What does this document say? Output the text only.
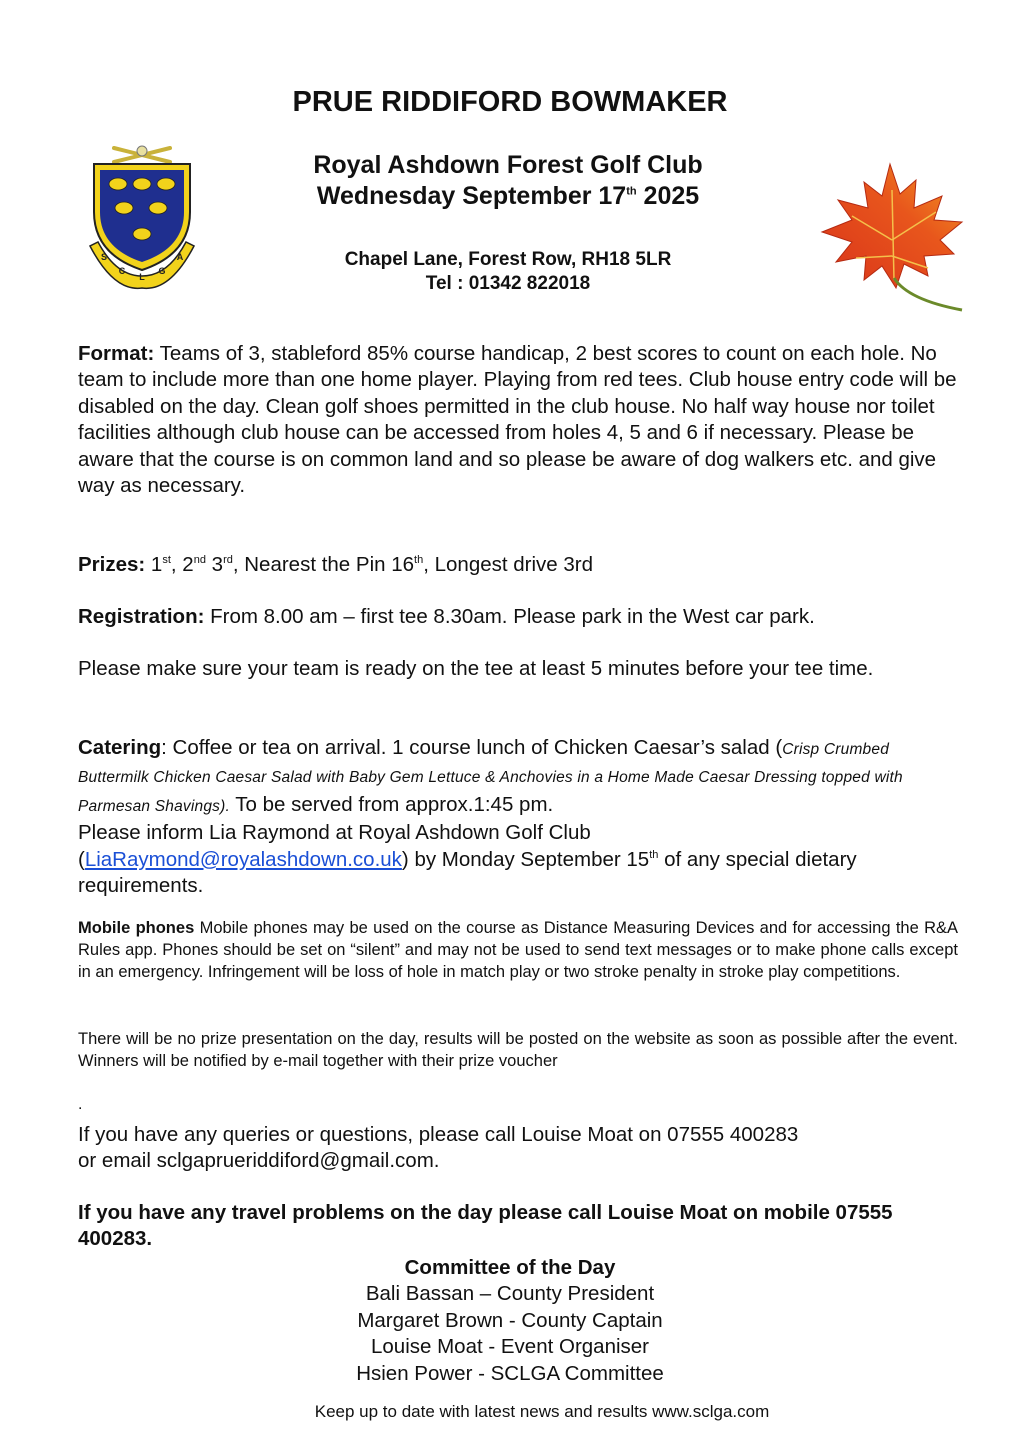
PRUE RIDDIFORD BOWMAKER
S
C
L
G
A
Royal Ashdown Forest Golf Club
Wednesday September 17th 2025
Chapel Lane, Forest Row, RH18 5LR
Tel : 01342 822018
Format: Teams of 3, stableford 85% course handicap, 2 best scores to count on each hole. No team to include more than one home player. Playing from red tees. Club house entry code will be disabled on the day. Clean golf shoes permitted in the club house. No half way house nor toilet facilities although club house can be accessed from holes 4, 5 and 6 if necessary. Please be aware that the course is on common land and so please be aware of dog walkers etc. and give way as necessary.
Prizes: 1st, 2nd 3rd, Nearest the Pin 16th, Longest drive 3rd
Registration: From 8.00 am – first tee 8.30am. Please park in the West car park.
Please make sure your team is ready on the tee at least 5 minutes before your tee time.
Catering: Coffee or tea on arrival. 1 course lunch of Chicken Caesar’s salad (Crisp Crumbed Buttermilk Chicken Caesar Salad with Baby Gem Lettuce & Anchovies in a Home Made Caesar Dressing topped with Parmesan Shavings). To be served from approx.1:45 pm.
Please inform Lia Raymond at Royal Ashdown Golf Club
(LiaRaymond@royalashdown.co.uk) by Monday September 15th of any special dietary requirements.
Mobile phones Mobile phones may be used on the course as Distance Measuring Devices and for accessing the R&A Rules app. Phones should be set on “silent” and may not be used to send text messages or to make phone calls except in an emergency. Infringement will be loss of hole in match play or two stroke penalty in stroke play competitions.
There will be no prize presentation on the day, results will be posted on the website as soon as possible after the event. Winners will be notified by e-mail together with their prize voucher
.
If you have any queries or questions, please call Louise Moat on 07555 400283
or email sclgaprueriddiford@gmail.com.
If you have any travel problems on the day please call Louise Moat on mobile 07555 400283.
Committee of the Day
Bali Bassan – County President
Margaret Brown - County Captain
Louise Moat - Event Organiser
Hsien Power - SCLGA Committee
Keep up to date with latest news and results www.sclga.com
